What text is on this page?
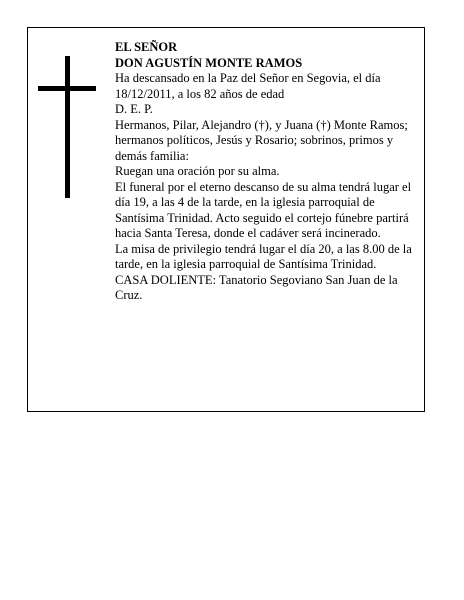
EL SEÑOR

DON AGUSTÍN MONTE RAMOS

Ha descansado en la Paz del Señor en Segovia, el día 18/12/2011, a los 82 años de edad

D. E. P.

Hermanos, Pilar, Alejandro (†), y Juana (†) Monte Ramos; hermanos políticos, Jesús y Rosario; sobrinos, primos y demás familia:

Ruegan una oración por su alma.

El funeral por el eterno descanso de su alma tendrá lugar el día 19, a las 4 de la tarde, en la iglesia parroquial de Santísima Trinidad. Acto seguido el cortejo fúnebre partirá hacia Santa Teresa, donde el cadáver será incinerado.

La misa de privilegio tendrá lugar el día 20, a las 8.00 de la tarde, en la iglesia parroquial de Santísima Trinidad.

CASA DOLIENTE: Tanatorio Segoviano San Juan de la Cruz.
